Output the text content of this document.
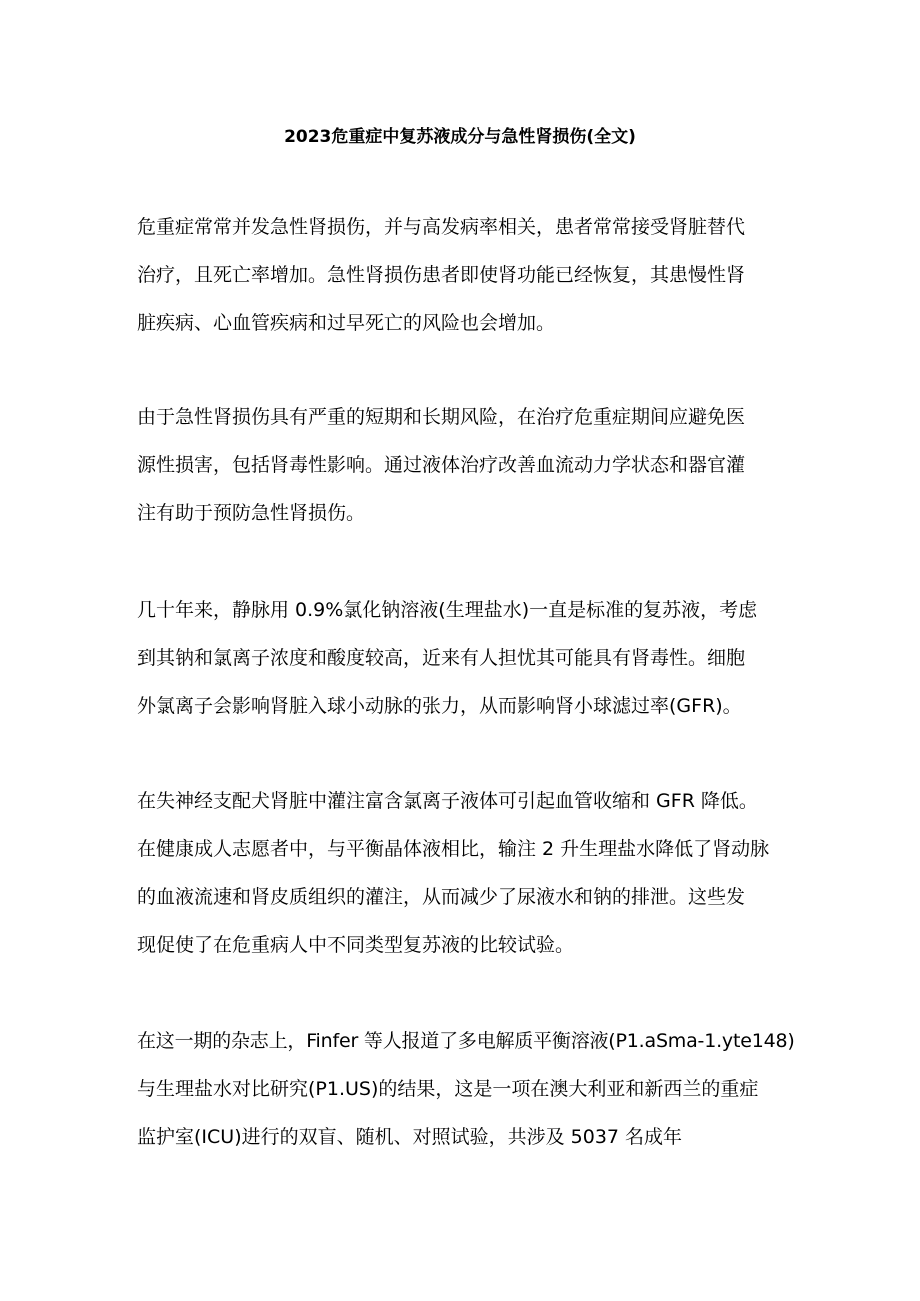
2023危重症中复苏液成分与急性肾损伤(全文)
危重症常常并发急性肾损伤，并与高发病率相关，患者常常接受肾脏替代
治疗，且死亡率增加。急性肾损伤患者即使肾功能已经恢复，其患慢性肾
脏疾病、心血管疾病和过早死亡的风险也会增加。
由于急性肾损伤具有严重的短期和长期风险，在治疗危重症期间应避免医
源性损害，包括肾毒性影响。通过液体治疗改善血流动力学状态和器官灌
注有助于预防急性肾损伤。
几十年来，静脉用 0.9%氯化钠溶液(生理盐水)一直是标准的复苏液，考虑
到其钠和氯离子浓度和酸度较高，近来有人担忧其可能具有肾毒性。细胞
外氯离子会影响肾脏入球小动脉的张力，从而影响肾小球滤过率(GFR)。
在失神经支配犬肾脏中灌注富含氯离子液体可引起血管收缩和 GFR 降低。
在健康成人志愿者中，与平衡晶体液相比，输注 2 升生理盐水降低了肾动脉
的血液流速和肾皮质组织的灌注，从而减少了尿液水和钠的排泄。这些发
现促使了在危重病人中不同类型复苏液的比较试验。
在这一期的杂志上，Finfer 等人报道了多电解质平衡溶液(P1.aSma-1.yte148)
与生理盐水对比研究(P1.US)的结果，这是一项在澳大利亚和新西兰的重症
监护室(ICU)进行的双盲、随机、对照试验，共涉及 5037 名成年
